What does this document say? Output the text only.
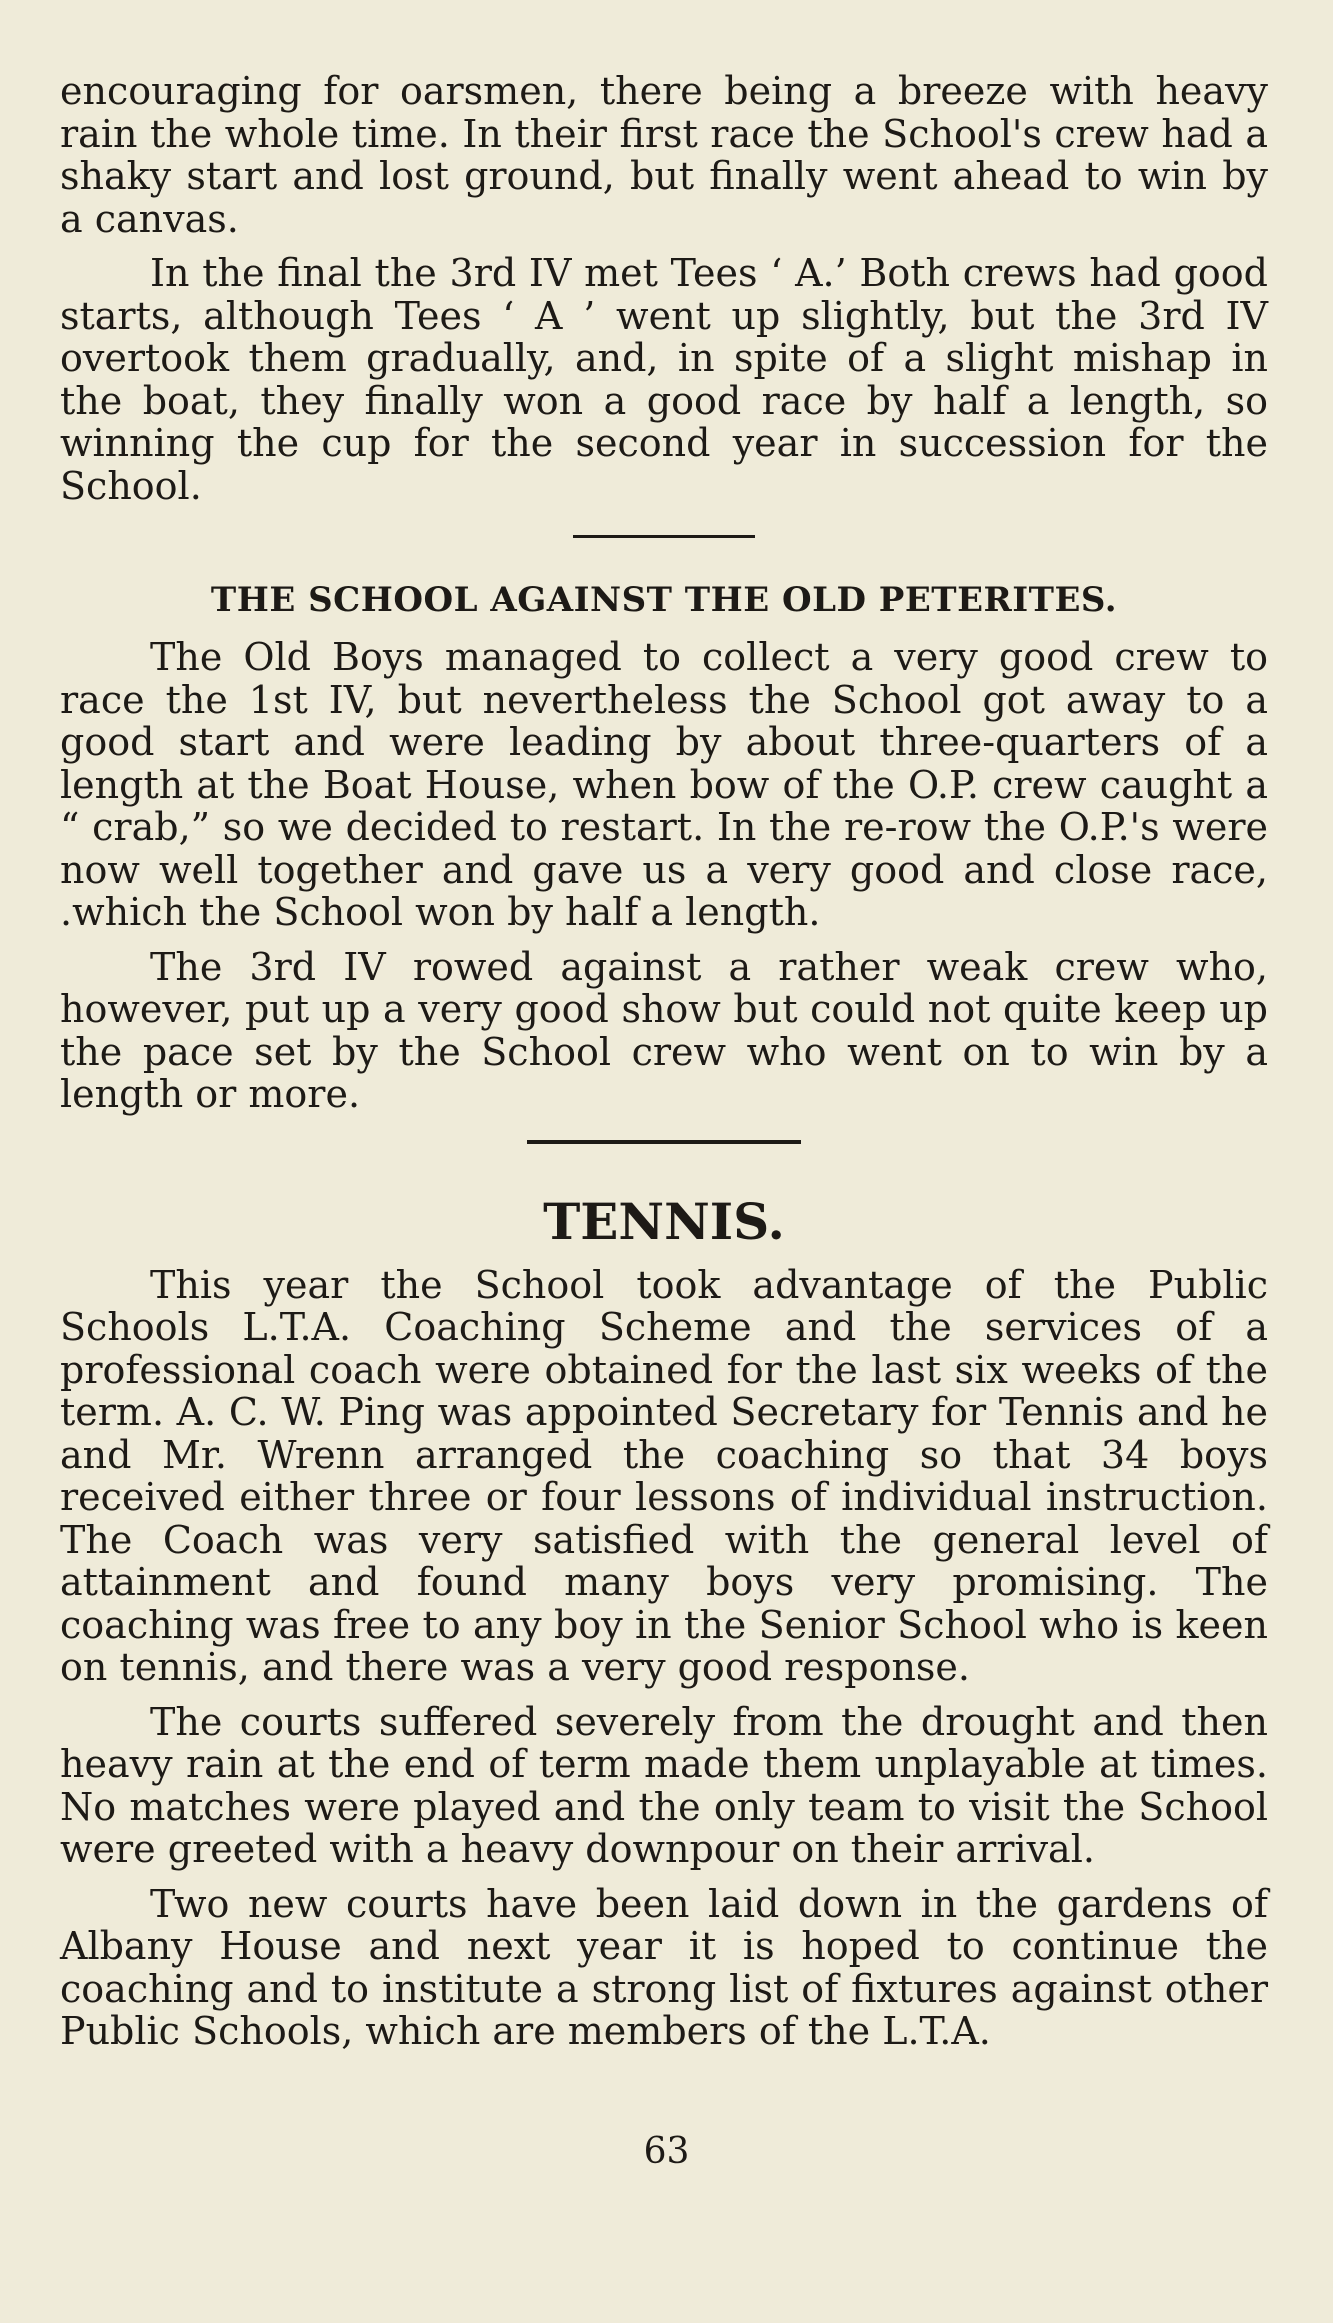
encouraging for oarsmen, there being a breeze with heavy rain the whole time. In their first race the School's crew had a shaky start and lost ground, but finally went ahead to win by a canvas.

In the final the 3rd IV met Tees ‘ A.’ Both crews had good starts, although Tees ‘ A ’ went up slightly, but the 3rd IV overtook them gradually, and, in spite of a slight mishap in the boat, they finally won a good race by half a length, so winning the cup for the second year in succession for the School.

THE SCHOOL AGAINST THE OLD PETERITES.

The Old Boys managed to collect a very good crew to race the 1st IV, but nevertheless the School got away to a good start and were leading by about three-quarters of a length at the Boat House, when bow of the O.P. crew caught a “ crab,” so we decided to restart. In the re-row the O.P.'s were now well together and gave us a very good and close race, .which the School won by half a length.

The 3rd IV rowed against a rather weak crew who, however, put up a very good show but could not quite keep up the pace set by the School crew who went on to win by a length or more.

TENNIS.

This year the School took advantage of the Public Schools L.T.A. Coaching Scheme and the services of a professional coach were obtained for the last six weeks of the term. A. C. W. Ping was appointed Secretary for Tennis and he and Mr. Wrenn arranged the coaching so that 34 boys received either three or four lessons of individual instruction. The Coach was very satisfied with the general level of attainment and found many boys very promising. The coaching was free to any boy in the Senior School who is keen on tennis, and there was a very good response.

The courts suffered severely from the drought and then heavy rain at the end of term made them unplayable at times. No matches were played and the only team to visit the School were greeted with a heavy downpour on their arrival.

Two new courts have been laid down in the gardens of Albany House and next year it is hoped to continue the coaching and to institute a strong list of fixtures against other Public Schools, which are members of the L.T.A.

63
